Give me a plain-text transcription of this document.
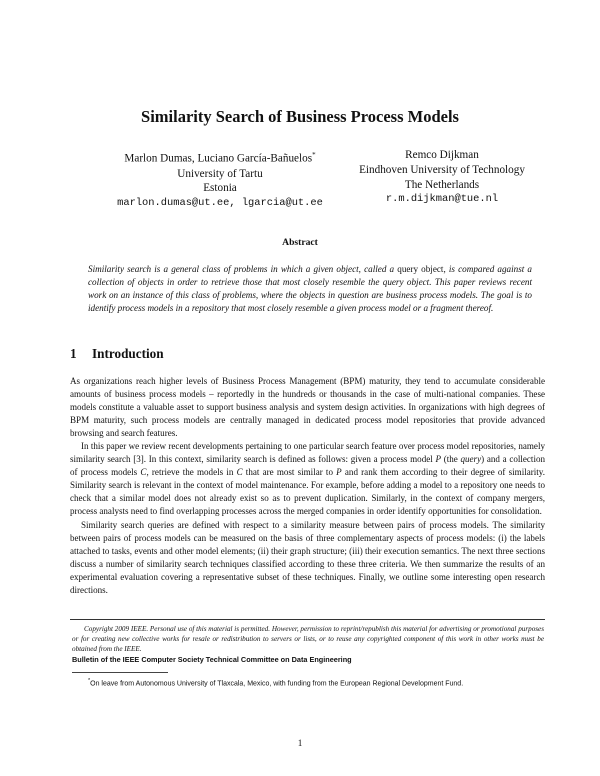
Similarity Search of Business Process Models
Marlon Dumas, Luciano García-Bañuelos*
University of Tartu
Estonia
marlon.dumas@ut.ee, lgarcia@ut.ee
Remco Dijkman
Eindhoven University of Technology
The Netherlands
r.m.dijkman@tue.nl
Abstract
Similarity search is a general class of problems in which a given object, called a query object, is compared against a collection of objects in order to retrieve those that most closely resemble the query object. This paper reviews recent work on an instance of this class of problems, where the objects in question are business process models. The goal is to identify process models in a repository that most closely resemble a given process model or a fragment thereof.
1 Introduction

As organizations reach higher levels of Business Process Management (BPM) maturity, they tend to accumulate considerable amounts of business process models – reportedly in the hundreds or thousands in the case of multi-national companies. These models constitute a valuable asset to support business analysis and system design activities. In organizations with high degrees of BPM maturity, such process models are centrally managed in dedicated process model repositories that provide advanced browsing and search features.

In this paper we review recent developments pertaining to one particular search feature over process model repositories, namely similarity search [3]. In this context, similarity search is defined as follows: given a process model P (the query) and a collection of process models C, retrieve the models in C that are most similar to P and rank them according to their degree of similarity. Similarity search is relevant in the context of model maintenance. For example, before adding a model to a repository one needs to check that a similar model does not already exist so as to prevent duplication. Similarly, in the context of company mergers, process analysts need to find overlapping processes across the merged companies in order identify opportunities for consolidation.

Similarity search queries are defined with respect to a similarity measure between pairs of process models. The similarity between pairs of process models can be measured on the basis of three complementary aspects of process models: (i) the labels attached to tasks, events and other model elements; (ii) their graph structure; (iii) their execution semantics. The next three sections discuss a number of similarity search techniques classified according to these three criteria. We then summarize the results of an experimental evaluation covering a representative subset of these techniques. Finally, we outline some interesting open research directions.

Copyright 2009 IEEE. Personal use of this material is permitted. However, permission to reprint/republish this material for advertising or promotional purposes or for creating new collective works for resale or redistribution to servers or lists, or to reuse any copyrighted component of this work in other works must be obtained from the IEEE.
Bulletin of the IEEE Computer Society Technical Committee on Data Engineering
*On leave from Autonomous University of Tlaxcala, Mexico, with funding from the European Regional Development Fund.
1
